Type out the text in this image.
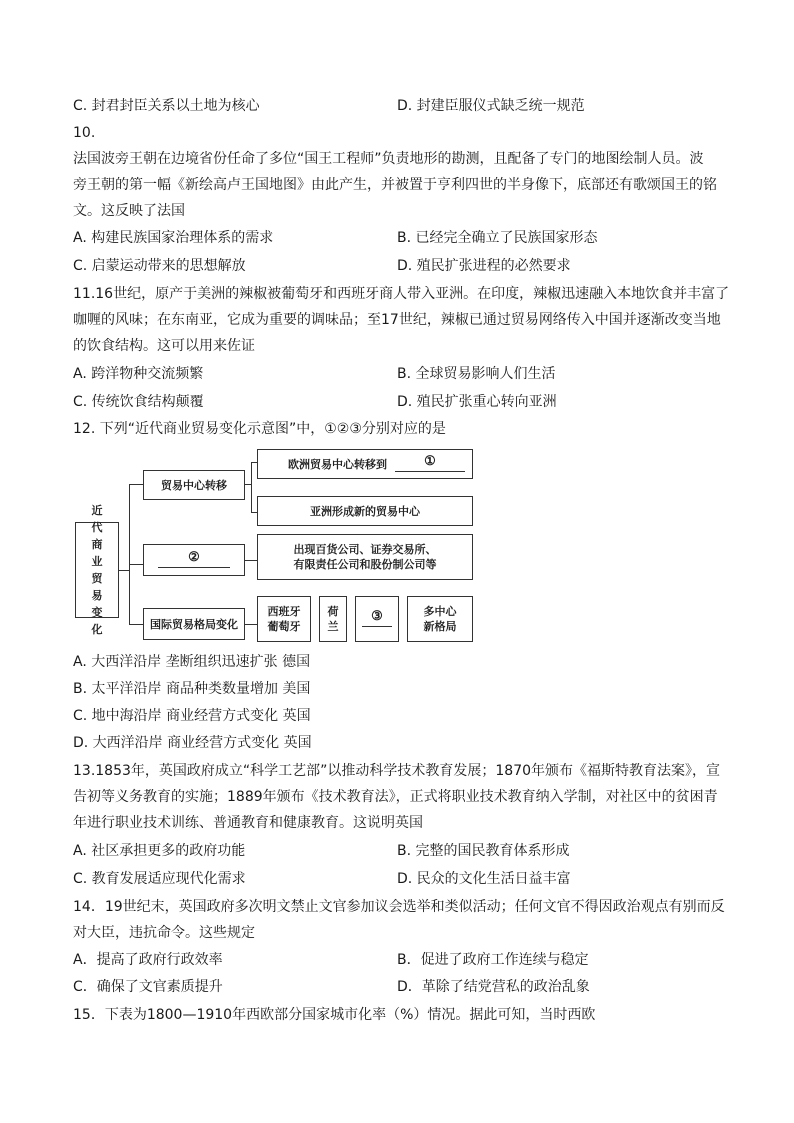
C. 封君封臣关系以土地为核心	D. 封建臣服仪式缺乏统一规范
10.
法国波旁王朝在边境省份任命了多位“国王工程师”负责地形的勘测，且配备了专门的地图绘制人员。波
旁王朝的第一幅《新绘高卢王国地图》由此产生，并被置于亨利四世的半身像下，底部还有歌颂国王的铭
文。这反映了法国
A. 构建民族国家治理体系的需求	B. 已经完全确立了民族国家形态
C. 启蒙运动带来的思想解放	D. 殖民扩张进程的必然要求
11.16世纪，原产于美洲的辣椒被葡萄牙和西班牙商人带入亚洲。在印度，辣椒迅速融入本地饮食并丰富了
咖喱的风味；在东南亚，它成为重要的调味品；至17世纪，辣椒已通过贸易网络传入中国并逐渐改变当地
的饮食结构。这可以用来佐证
A. 跨洋物种交流频繁	B. 全球贸易影响人们生活
C. 传统饮食结构颠覆	D. 殖民扩张重心转向亚洲
12. 下列“近代商业贸易变化示意图”中，①②③分别对应的是
近代商业贸易变化
贸易中心转移
欧洲贸易中心转移到	①
亚洲形成新的贸易中心
②	出现百货公司、证券交易所、
有限责任公司和股份制公司等
国际贸易格局变化
西班牙葡萄牙
荷兰
③	多中心新格局
A. 大西洋沿岸 垄断组织迅速扩张 德国
B. 太平洋沿岸 商品种类数量增加 美国
C. 地中海沿岸 商业经营方式变化 英国
D. 大西洋沿岸 商业经营方式变化 英国
13.1853年，英国政府成立“科学工艺部”以推动科学技术教育发展；1870年颁布《福斯特教育法案》，宣
告初等义务教育的实施；1889年颁布《技术教育法》，正式将职业技术教育纳入学制，对社区中的贫困青
年进行职业技术训练、普通教育和健康教育。这说明英国
A. 社区承担更多的政府功能	B. 完整的国民教育体系形成
C. 教育发展适应现代化需求	D. 民众的文化生活日益丰富
14．19世纪末，英国政府多次明文禁止文官参加议会选举和类似活动；任何文官不得因政治观点有别而反
对大臣，违抗命令。这些规定
A．提高了政府行政效率	B．促进了政府工作连续与稳定
C．确保了文官素质提升	D．革除了结党营私的政治乱象
15．下表为1800—1910年西欧部分国家城市化率（%）情况。据此可知，当时西欧
